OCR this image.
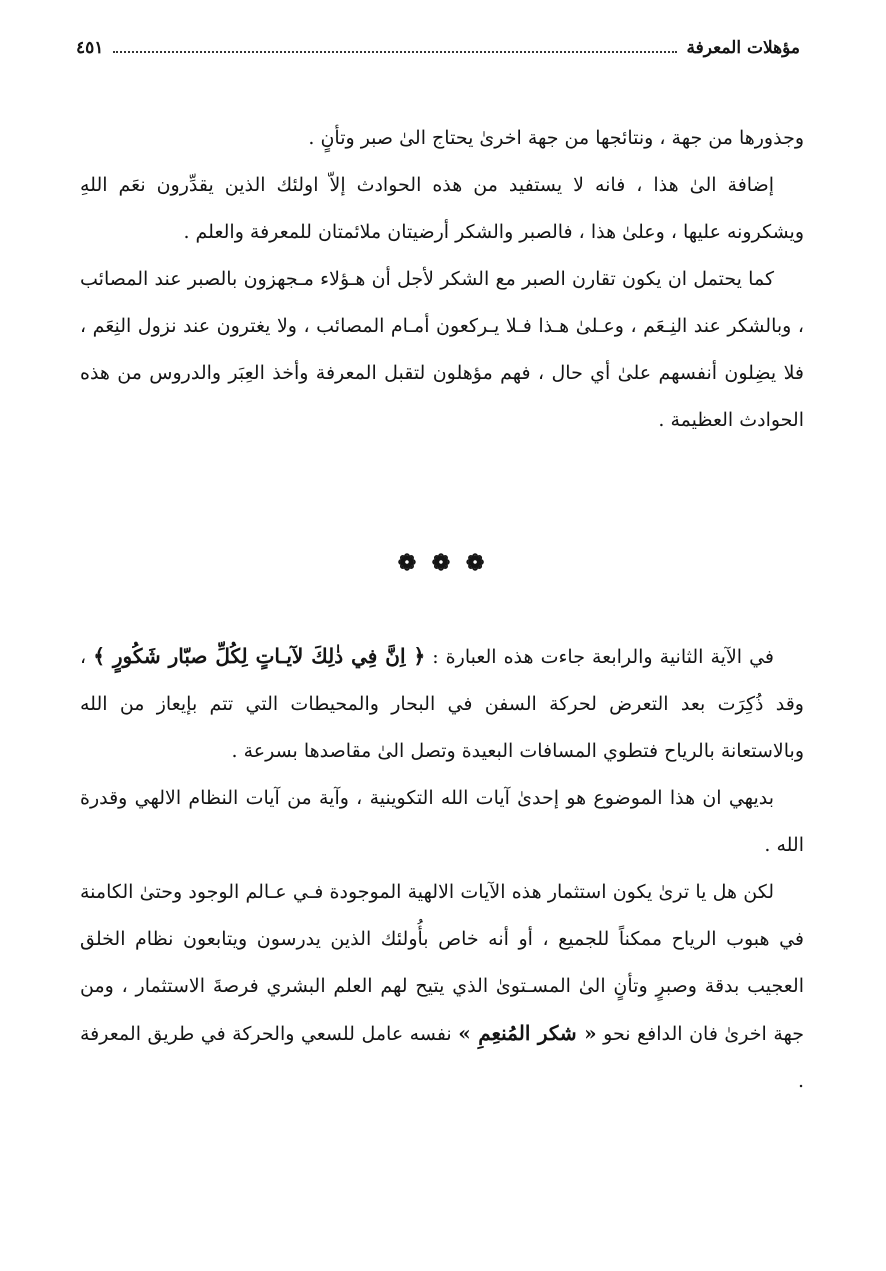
مؤهلات المعرفة
٤٥١

وجذورها من جهة ، ونتائجها من جهة اخرىٰ يحتاج الىٰ صبر وتأنٍ .

إضافة الىٰ هذا ، فانه لا يستفيد من هذه الحوادث إلاّ اولئك الذين يقدِّرون نعَم اللهِ ويشكرونه عليها ، وعلىٰ هذا ، فالصبر والشكر أرضيتان ملائمتان للمعرفة والعلم .

كما يحتمل ان يكون تقارن الصبر مع الشكر لأجل أن هـؤلاء مـجهزون بالصبر عند المصائب ، وبالشكر عند النِـعَم ، وعـلىٰ هـذا فـلا يـركعون أمـام المصائب ، ولا يغترون عند نزول النِعَم ، فلا يضِلون أنفسهم علىٰ أي حال ، فهم مؤهلون لتقبل المعرفة وأخذ العِبَر والدروس من هذه الحوادث العظيمة .

❁ ❁ ❁

في الآية الثانية والرابعة جاءت هذه العبارة : ﴿ اِنَّ فِي ذٰلِكَ لآيـاتٍ لِكُلِّ صبّار شَكُورٍ ﴾ ، وقد ذُكِرَت بعد التعرض لحركة السفن في البحار والمحيطات التي تتم بإيعاز من الله وبالاستعانة بالرياح فتطوي المسافات البعيدة وتصل الىٰ مقاصدها بسرعة .

بديهي ان هذا الموضوع هو إحدىٰ آيات الله التكوينية ، وآية من آيات النظام الالهي وقدرة الله .

لكن هل يا ترىٰ يكون استثمار هذه الآيات الالهية الموجودة فـي عـالم الوجود وحتىٰ الكامنة في هبوب الرياح ممكناً للجميع ، أو أنه خاص بأُولئك الذين يدرسون ويتابعون نظام الخلق العجيب بدقة وصبرٍ وتأنٍ الىٰ المسـتوىٰ الذي يتيح لهم العلم البشري فرصةَ الاستثمار ، ومن جهة اخرىٰ فان الدافع نحو « شكر المُنعِمِ » نفسه عامل للسعي والحركة في طريق المعرفة .
